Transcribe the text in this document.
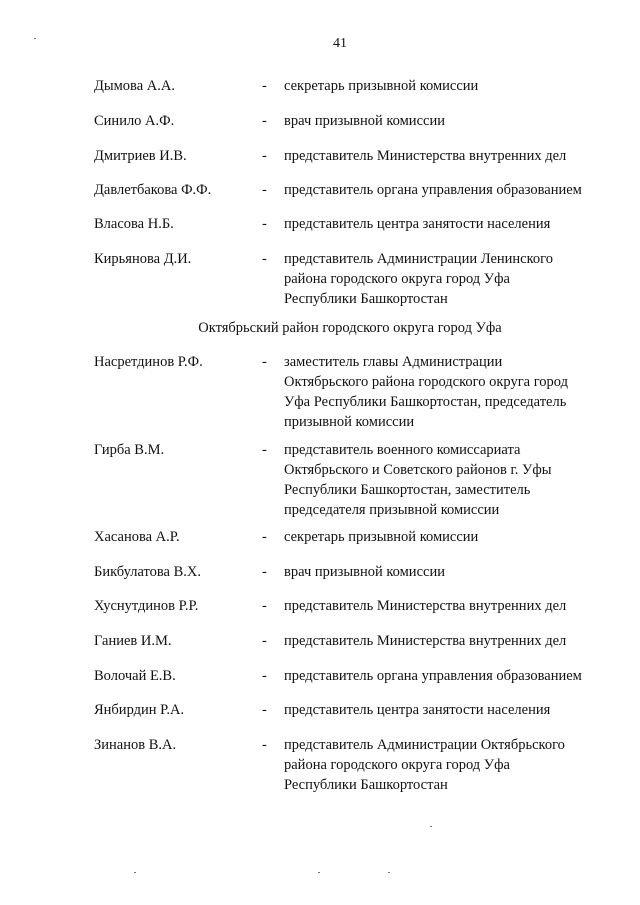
41
Дымова А.А.	-	секретарь призывной комиссии
Синило А.Ф.	-	врач призывной комиссии
Дмитриев И.В.	-	представитель Министерства внутренних дел
Давлетбакова Ф.Ф.	-	представитель органа управления образованием
Власова Н.Б.	-	представитель центра занятости населения
Кирьянова Д.И.	-	представитель Администрации Ленинского
района городского округа город Уфа
Республики Башкортостан
Октябрьский район городского округа город Уфа
Насретдинов Р.Ф.	-	заместитель главы Администрации
Октябрьского района городского округа город
Уфа Республики Башкортостан, председатель
призывной комиссии
Гирба В.М.	-	представитель военного комиссариата
Октябрьского и Советского районов г. Уфы
Республики Башкортостан, заместитель
председателя призывной комиссии
Хасанова А.Р.	-	секретарь призывной комиссии
Бикбулатова В.Х.	-	врач призывной комиссии
Хуснутдинов Р.Р.	-	представитель Министерства внутренних дел
Ганиев И.М.	-	представитель Министерства внутренних дел
Волочай Е.В.	-	представитель органа управления образованием
Янбирдин Р.А.	-	представитель центра занятости населения
Зинанов В.А.	-	представитель Администрации Октябрьского
района городского округа город Уфа
Республики Башкортостан
